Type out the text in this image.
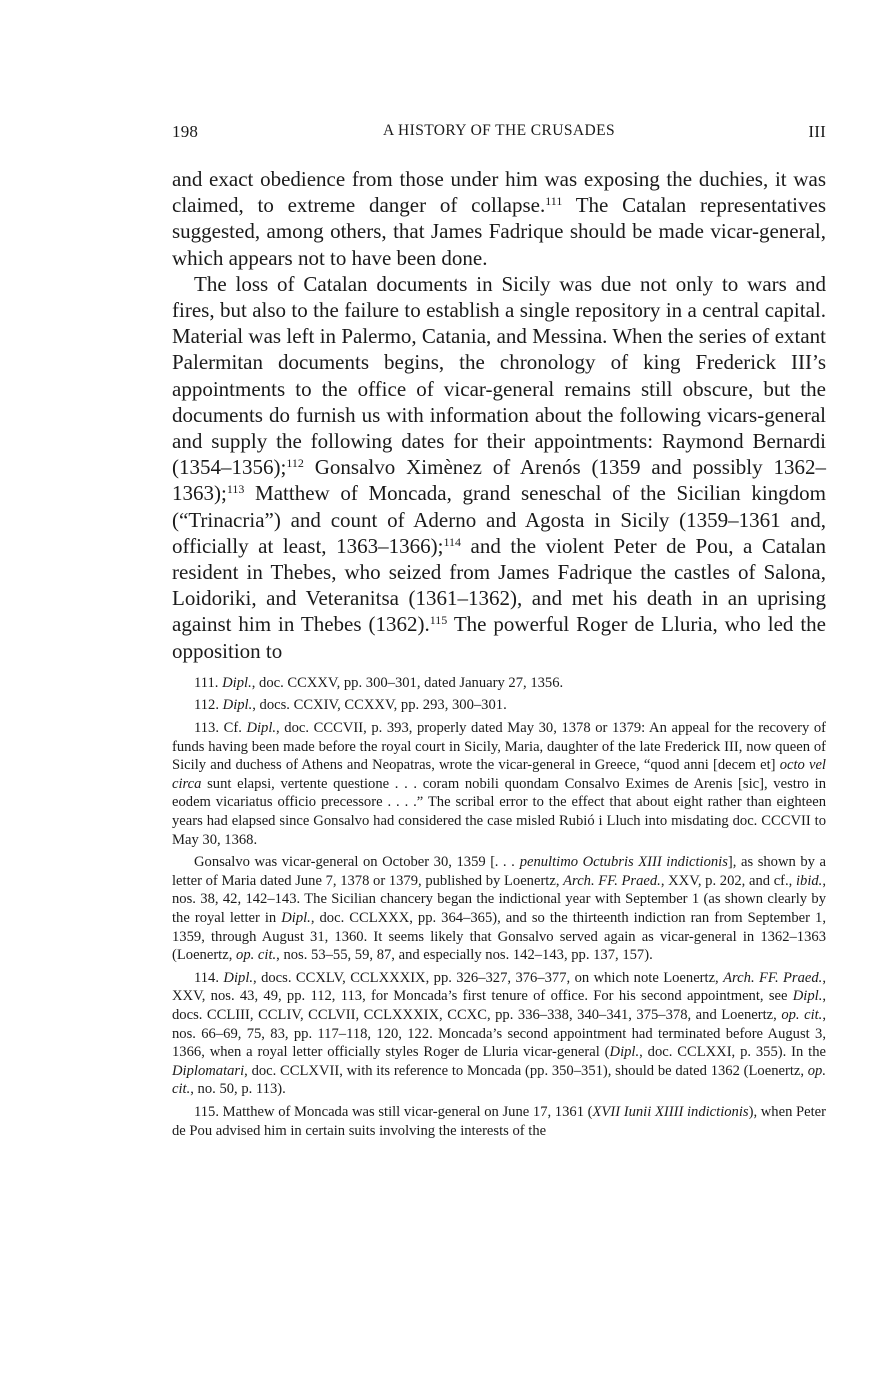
198	A HISTORY OF THE CRUSADES	III

and exact obedience from those under him was exposing the duchies, it was claimed, to extreme danger of collapse.$^{111}$ The Catalan representatives suggested, among others, that James Fadrique should be made vicar-general, which appears not to have been done.

The loss of Catalan documents in Sicily was due not only to wars and fires, but also to the failure to establish a single repository in a central capital. Material was left in Palermo, Catania, and Messina. When the series of extant Palermitan documents begins, the chronology of king Frederick III’s appointments to the office of vicar-general remains still obscure, but the documents do furnish us with information about the following vicars-general and supply the following dates for their appointments: Raymond Bernardi (1354–1356);$^{112}$ Gonsalvo Ximènez of Arenós (1359 and possibly 1362–1363);$^{113}$ Matthew of Moncada, grand seneschal of the Sicilian kingdom (“Trinacria”) and count of Aderno and Agosta in Sicily (1359–1361 and, officially at least, 1363–1366);$^{114}$ and the violent Peter de Pou, a Catalan resident in Thebes, who seized from James Fadrique the castles of Salona, Loidoriki, and Veteranitsa (1361–1362), and met his death in an uprising against him in Thebes (1362).$^{115}$ The powerful Roger de Lluria, who led the opposition to

111. Dipl., doc. CCXXV, pp. 300–301, dated January 27, 1356.

112. Dipl., docs. CCXIV, CCXXV, pp. 293, 300–301.

113. Cf. Dipl., doc. CCCVII, p. 393, properly dated May 30, 1378 or 1379: An appeal for the recovery of funds having been made before the royal court in Sicily, Maria, daughter of the late Frederick III, now queen of Sicily and duchess of Athens and Neopatras, wrote the vicar-general in Greece, “quod anni [decem et] octo vel circa sunt elapsi, vertente questione . . . coram nobili quondam Consalvo Eximes de Arenis [sic], vestro in eodem vicariatus officio precessore . . . .” The scribal error to the effect that about eight rather than eighteen years had elapsed since Gonsalvo had considered the case misled Rubió i Lluch into misdating doc. CCCVII to May 30, 1368.

Gonsalvo was vicar-general on October 30, 1359 [. . . penultimo Octubris XIII indictionis], as shown by a letter of Maria dated June 7, 1378 or 1379, published by Loenertz, Arch. FF. Praed., XXV, p. 202, and cf., ibid., nos. 38, 42, 142–143. The Sicilian chancery began the indictional year with September 1 (as shown clearly by the royal letter in Dipl., doc. CCLXXX, pp. 364–365), and so the thirteenth indiction ran from September 1, 1359, through August 31, 1360. It seems likely that Gonsalvo served again as vicar-general in 1362–1363 (Loenertz, op. cit., nos. 53–55, 59, 87, and especially nos. 142–143, pp. 137, 157).

114. Dipl., docs. CCXLV, CCLXXXIX, pp. 326–327, 376–377, on which note Loenertz, Arch. FF. Praed., XXV, nos. 43, 49, pp. 112, 113, for Moncada’s first tenure of office. For his second appointment, see Dipl., docs. CCLIII, CCLIV, CCLVII, CCLXXXIX, CCXC, pp. 336–338, 340–341, 375–378, and Loenertz, op. cit., nos. 66–69, 75, 83, pp. 117–118, 120, 122. Moncada’s second appointment had terminated before August 3, 1366, when a royal letter officially styles Roger de Lluria vicar-general (Dipl., doc. CCLXXI, p. 355). In the Diplomatari, doc. CCLXVII, with its reference to Moncada (pp. 350–351), should be dated 1362 (Loenertz, op. cit., no. 50, p. 113).

115. Matthew of Moncada was still vicar-general on June 17, 1361 (XVII Iunii XIIII indictionis), when Peter de Pou advised him in certain suits involving the interests of the
